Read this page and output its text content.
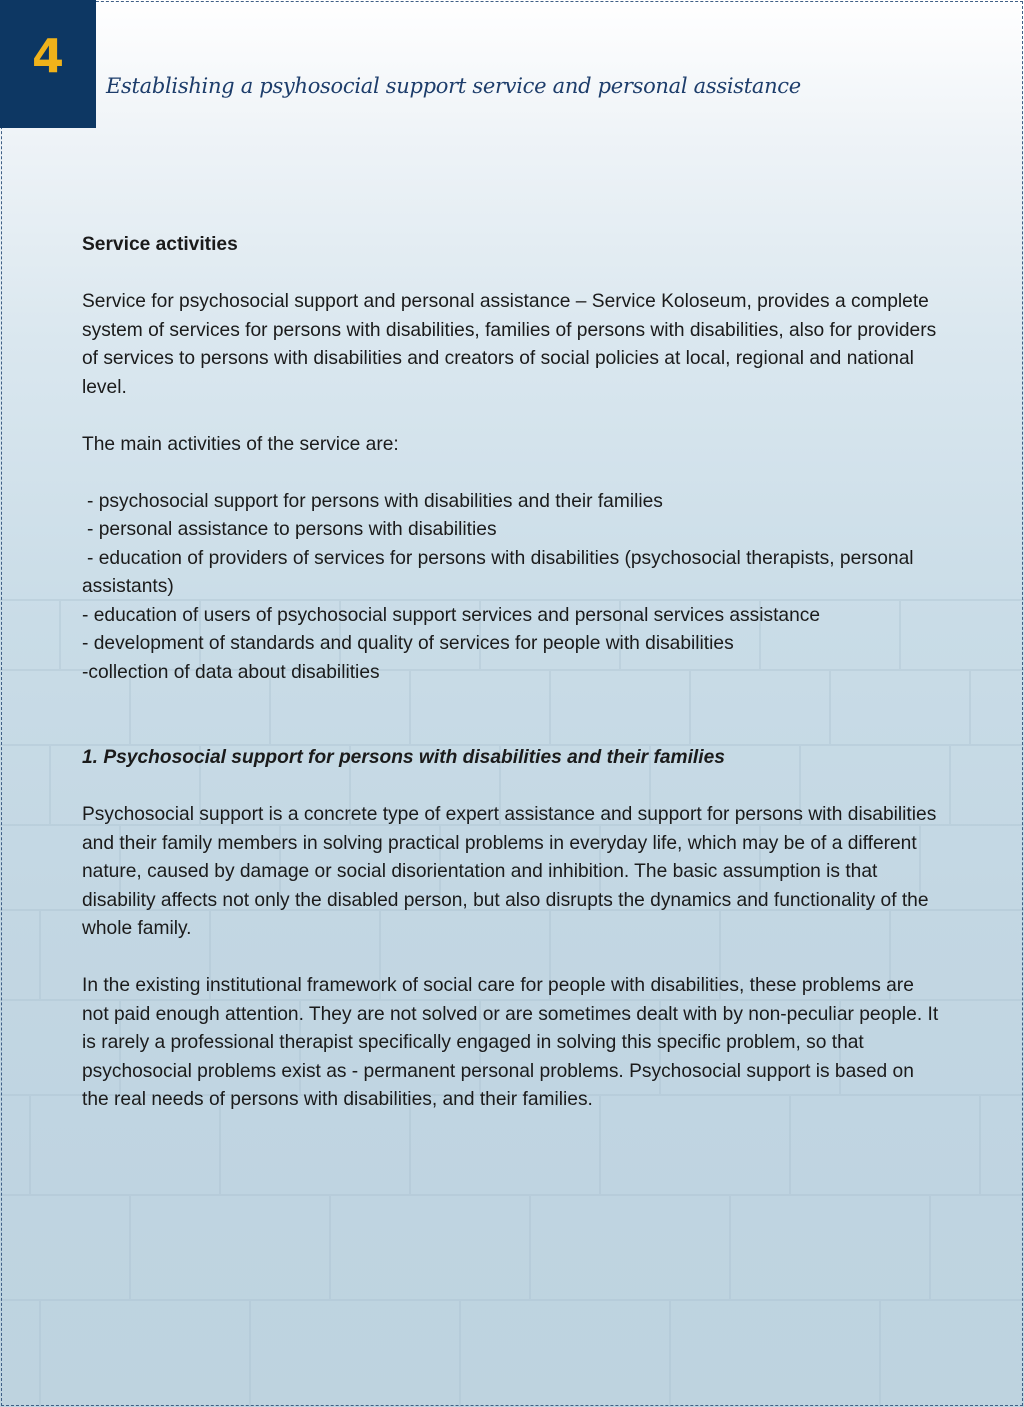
4
Establishing a psyhosocial support service and personal assistance

Service activities

Service for psychosocial support and personal assistance – Service Koloseum, provides a complete system of services for persons with disabilities, families of persons with disabilities, also for providers of services to persons with disabilities and creators of social policies at local, regional and national level.

The main activities of the service are:

- psychosocial support for persons with disabilities and their families

- personal assistance to persons with disabilities

- education of providers of services for persons with disabilities (psychosocial therapists, personal assistants)

- education of users of psychosocial support services and personal services assistance

- development of standards and quality of services for people with disabilities

-collection of data about disabilities

1. Psychosocial support for persons with disabilities and their families

Psychosocial support is a concrete type of expert assistance and support for persons with disabilities and their family members in solving practical problems in everyday life, which may be of a different nature, caused by damage or social disorientation and inhibition. The basic assumption is that disability affects not only the disabled person, but also disrupts the dynamics and functionality of the whole family.

In the existing institutional framework of social care for people with disabilities, these problems are not paid enough attention. They are not solved or are sometimes dealt with by non-peculiar people. It is rarely a professional therapist specifically engaged in solving this specific problem, so that psychosocial problems exist as - permanent personal problems. Psychosocial support is based on the real needs of persons with disabilities, and their families.
